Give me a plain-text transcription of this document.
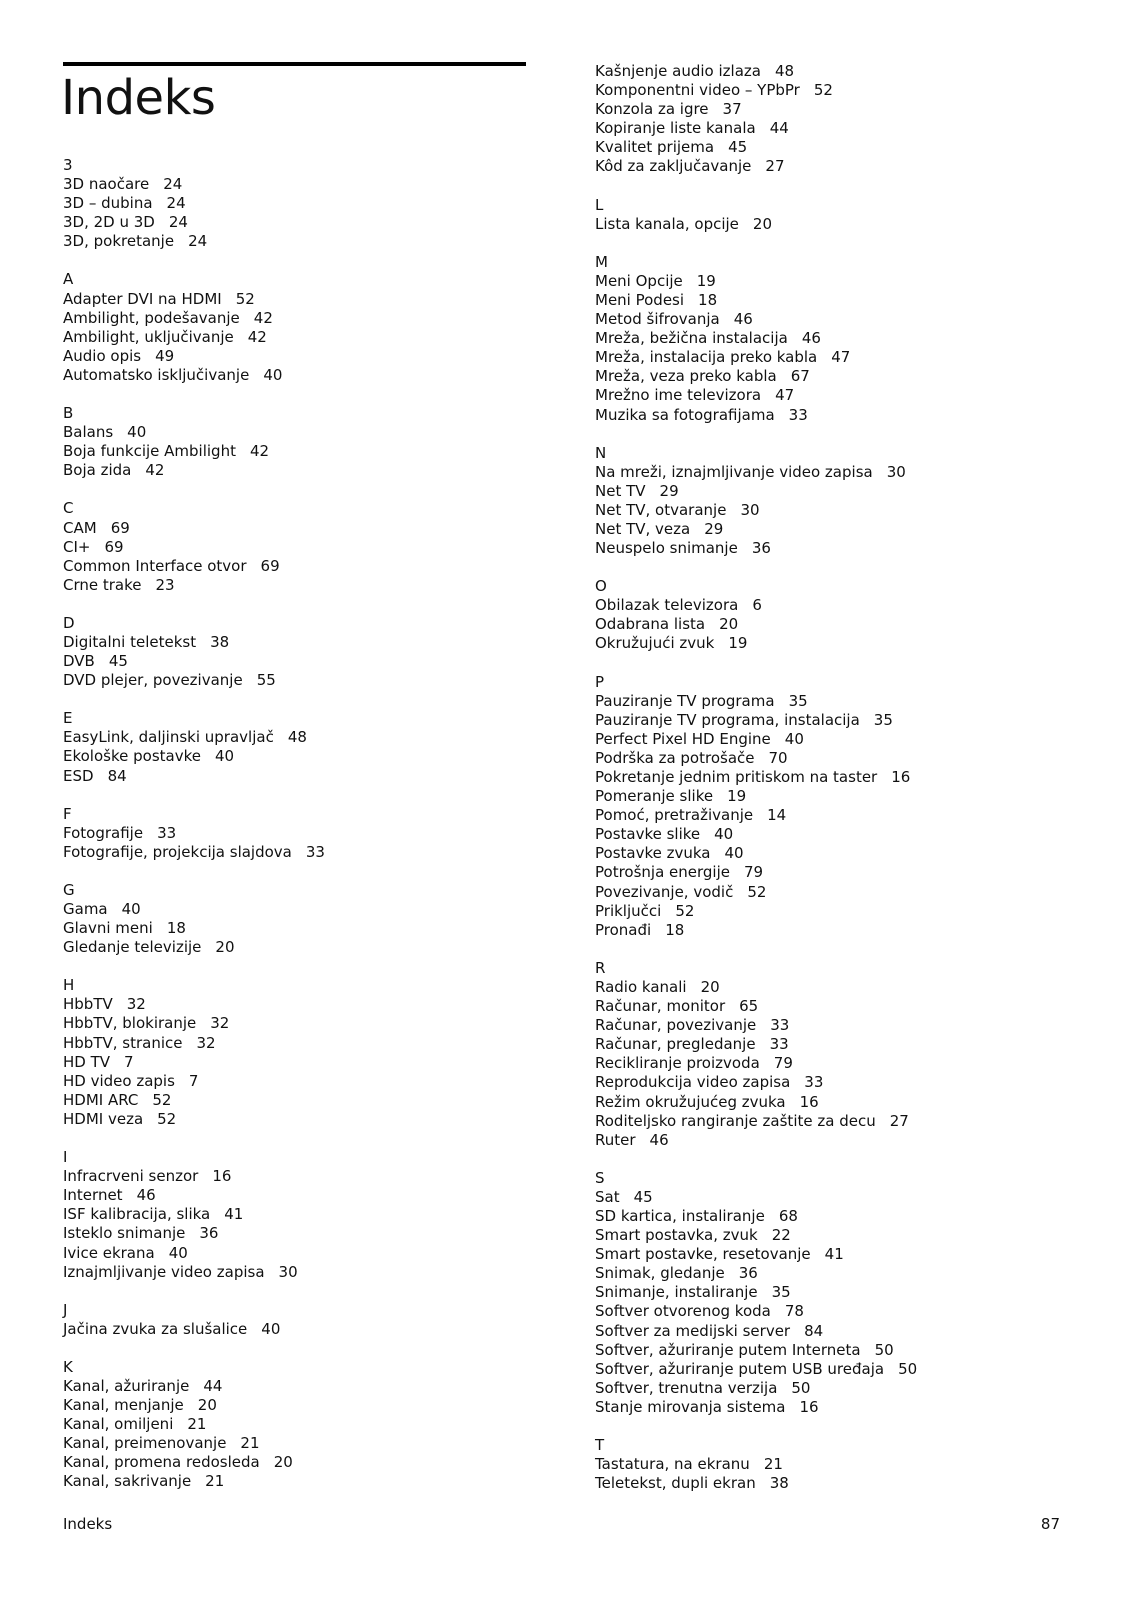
Indeks
3
3D naočare 24
3D – dubina 24
3D, 2D u 3D 24
3D, pokretanje 24
A
Adapter DVI na HDMI 52
Ambilight, podešavanje 42
Ambilight, uključivanje 42
Audio opis 49
Automatsko isključivanje 40
B
Balans 40
Boja funkcije Ambilight 42
Boja zida 42
C
CAM 69
CI+ 69
Common Interface otvor 69
Crne trake 23
D
Digitalni teletekst 38
DVB 45
DVD plejer, povezivanje 55
E
EasyLink, daljinski upravljač 48
Ekološke postavke 40
ESD 84
F
Fotografije 33
Fotografije, projekcija slajdova 33
G
Gama 40
Glavni meni 18
Gledanje televizije 20
H
HbbTV 32
HbbTV, blokiranje 32
HbbTV, stranice 32
HD TV 7
HD video zapis 7
HDMI ARC 52
HDMI veza 52
I
Infracrveni senzor 16
Internet 46
ISF kalibracija, slika 41
Isteklo snimanje 36
Ivice ekrana 40
Iznajmljivanje video zapisa 30
J
Jačina zvuka za slušalice 40
K
Kanal, ažuriranje 44
Kanal, menjanje 20
Kanal, omiljeni 21
Kanal, preimenovanje 21
Kanal, promena redosleda 20
Kanal, sakrivanje 21
Kašnjenje audio izlaza 48
Komponentni video – YPbPr 52
Konzola za igre 37
Kopiranje liste kanala 44
Kvalitet prijema 45
Kôd za zaključavanje 27
L
Lista kanala, opcije 20
M
Meni Opcije 19
Meni Podesi 18
Metod šifrovanja 46
Mreža, bežična instalacija 46
Mreža, instalacija preko kabla 47
Mreža, veza preko kabla 67
Mrežno ime televizora 47
Muzika sa fotografijama 33
N
Na mreži, iznajmljivanje video zapisa 30
Net TV 29
Net TV, otvaranje 30
Net TV, veza 29
Neuspelo snimanje 36
O
Obilazak televizora 6
Odabrana lista 20
Okružujući zvuk 19
P
Pauziranje TV programa 35
Pauziranje TV programa, instalacija 35
Perfect Pixel HD Engine 40
Podrška za potrošače 70
Pokretanje jednim pritiskom na taster 16
Pomeranje slike 19
Pomoć, pretraživanje 14
Postavke slike 40
Postavke zvuka 40
Potrošnja energije 79
Povezivanje, vodič 52
Priključci 52
Pronađi 18
R
Radio kanali 20
Računar, monitor 65
Računar, povezivanje 33
Računar, pregledanje 33
Recikliranje proizvoda 79
Reprodukcija video zapisa 33
Režim okružujućeg zvuka 16
Roditeljsko rangiranje zaštite za decu 27
Ruter 46
S
Sat 45
SD kartica, instaliranje 68
Smart postavka, zvuk 22
Smart postavke, resetovanje 41
Snimak, gledanje 36
Snimanje, instaliranje 35
Softver otvorenog koda 78
Softver za medijski server 84
Softver, ažuriranje putem Interneta 50
Softver, ažuriranje putem USB uređaja 50
Softver, trenutna verzija 50
Stanje mirovanja sistema 16
T
Tastatura, na ekranu 21
Teletekst, dupli ekran 38
Indeks	87
